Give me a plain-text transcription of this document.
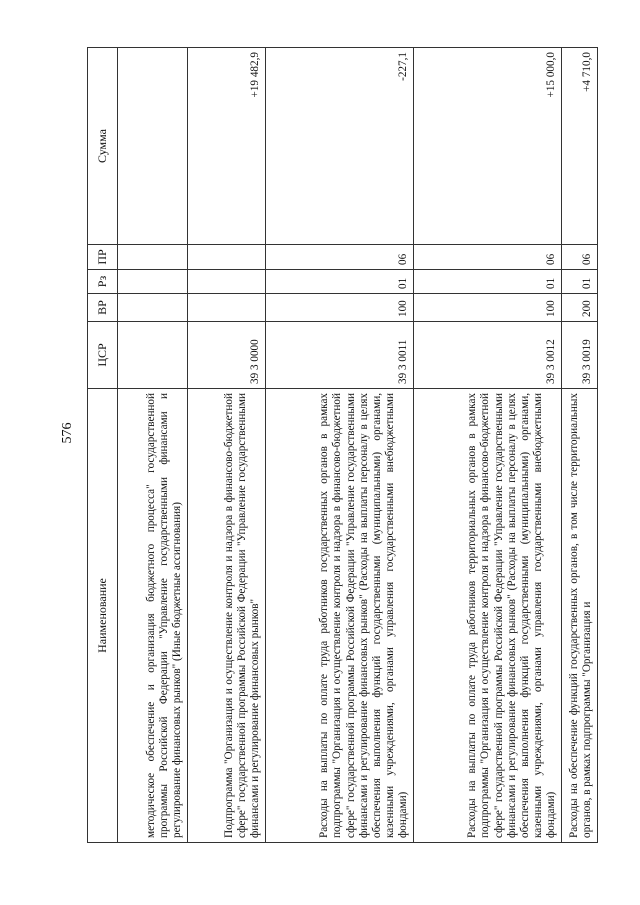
576
Наименование	ЦСР	ВР	Рз	ПР	Сумма
методическое обеспечение и организация бюджетного процесса" государственной программы Российской Федерации "Управление государственными финансами и регулирование финансовых рынков" (Иные бюджетные ассигнования)					
Подпрограмма "Организация и осуществление контроля и надзора в финансово-бюджетной сфере" государственной программы Российской Федерации "Управление государственными финансами и регулирование финансовых рынков"	39 3 0000				+19 482,9
Расходы на выплаты по оплате труда работников государственных органов в рамках подпрограммы "Организация и осуществление контроля и надзора в финансово-бюджетной сфере" государственной программы Российской Федерации "Управление государственными финансами и регулирование финансовых рынков" (Расходы на выплаты персоналу в целях обеспечения выполнения функций государственными (муниципальными) органами, казенными учреждениями, органами управления государственными внебюджетными фондами)	39 3 0011	100	01	06	-227,1
Расходы на выплаты по оплате труда работников территориальных органов в рамках подпрограммы "Организация и осуществление контроля и надзора в финансово-бюджетной сфере" государственной программы Российской Федерации "Управление государственными финансами и регулирование финансовых рынков" (Расходы на выплаты персоналу в целях обеспечения выполнения функций государственными (муниципальными) органами, казенными учреждениями, органами управления государственными внебюджетными фондами)	39 3 0012	100	01	06	+15 000,0
Расходы на обеспечение функций государственных органов, в том числе территориальных органов, в рамках подпрограммы "Организация и	39 3 0019	200	01	06	+4 710,0
